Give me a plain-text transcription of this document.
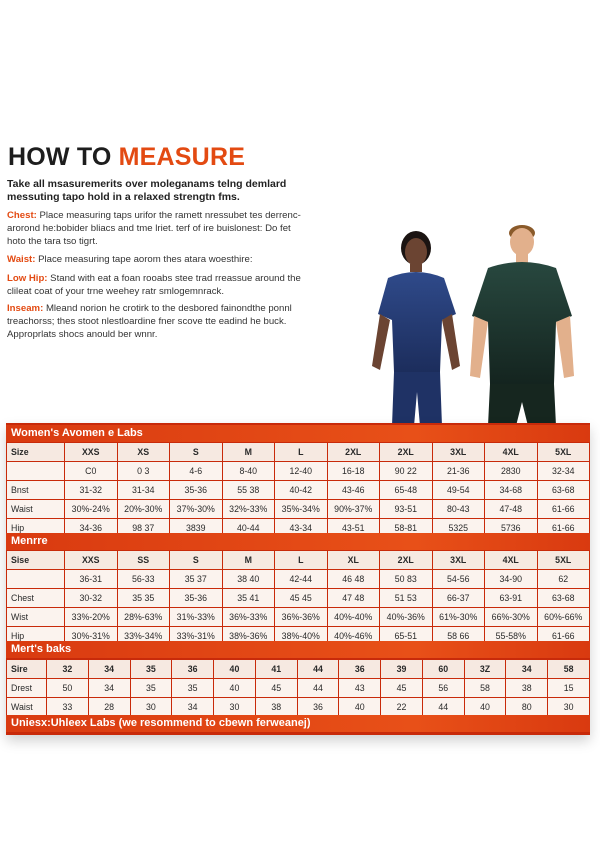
HOW TO MEASURE
Take all msasuremerits over moleganams telng demlard messuting tapo hold in a relaxed strengtn fms.
Chest: Place measuring taps urifor the ramett nressubet tes derrenc-arorond he:bobider bliacs and tme lriet. terf of ire buislonest: Do fet hoto the tara tso tigrt.
Waist: Place measuring tape aorom thes atara woesthire:
Low Hip: Stand with eat a foan rooabs stee trad rreassue around the clileat coat of your trne weehey ratr smlogemnrack.
Inseam: Mleand norion he crotirk to the desbored fainondthe ponnl treachorss; thes stoot nlestloardine fner scove tte eadind he buck. Approprlats shocs anould ber wnnr.
Women's Avomen e Labs
Size	XXS	XS	S	M	L	2XL	2XL	3XL	4XL	5XL
	C0	0 3	4-6	8-40	12-40	16-18	90 22	21-36	2830	32-34
Bnst	31-32	31-34	35-36	55 38	40-42	43-46	65-48	49-54	34-68	63-68
Waist	30%-24%	20%-30%	37%-30%	32%-33%	35%-34%	90%-37%	93-51	80-43	47-48	61-66
Hip	34-36	98 37	3839	40-44	43-34	43-51	58-81	5325	5736	61-66
Menrre
Sise	XXS	SS	S	M	L	XL	2XL	3XL	4XL	5XL
	36-31	56-33	35 37	38 40	42-44	46 48	50 83	54-56	34-90	62
Chest	30-32	35 35	35-36	35 41	45 45	47 48	51 53	66-37	63-91	63-68
Wist	33%-20%	28%-63%	31%-33%	36%-33%	36%-36%	40%-40%	40%-36%	61%-30%	66%-30%	60%-66%
Hip	30%-31%	33%-34%	33%-31%	38%-36%	38%-40%	40%-46%	65-51	58 66	55-58%	61-66
Mert's baks
Sire	32	34	35	36	40	41	44	36	39	60	3Z	34	58
Drest	50	34	35	35	40	45	44	43	45	56	58	38	15
Waist	33	28	30	34	30	38	36	40	22	44	40	80	30
Uniesx:Uhleex Labs (we resommend to cbewn ferweanej)
